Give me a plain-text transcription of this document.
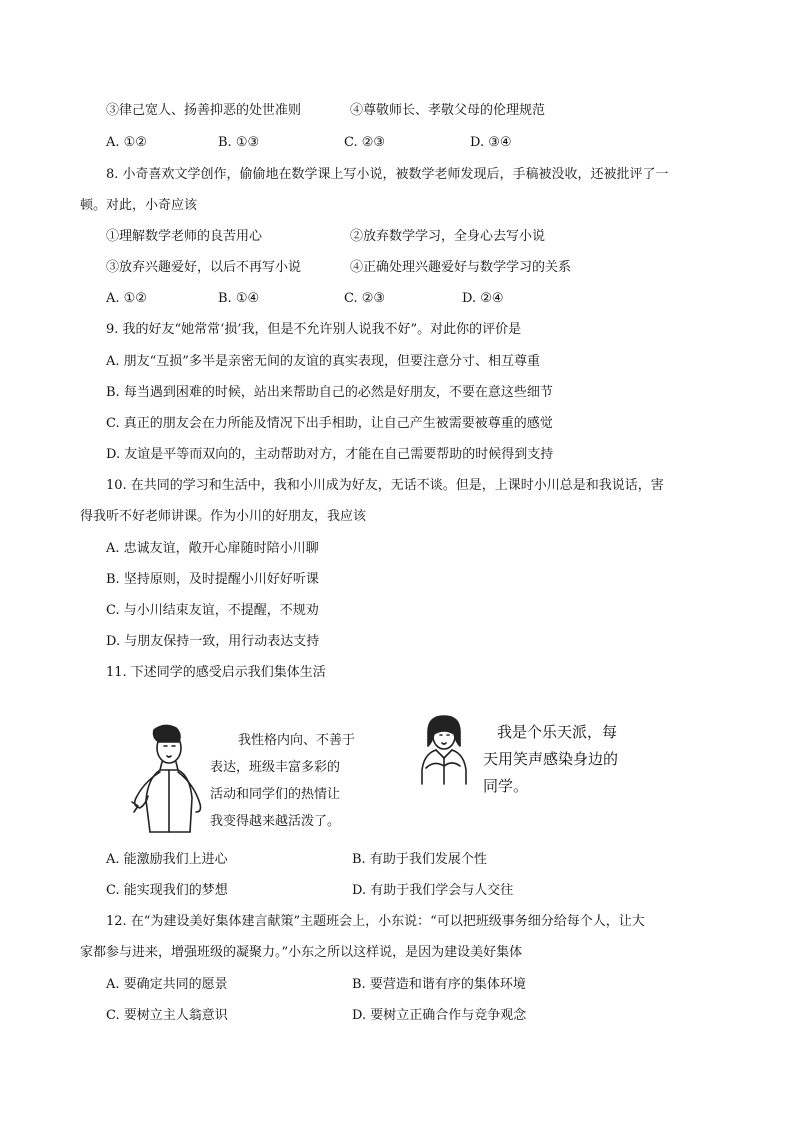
③律己宽人、扬善抑恶的处世准则	④尊敬师长、孝敬父母的伦理规范
A. ①②	B. ①③	C. ②③	D. ③④
8. 小奇喜欢文学创作，偷偷地在数学课上写小说，被数学老师发现后，手稿被没收，还被批评了一
顿。对此，小奇应该
①理解数学老师的良苦用心	②放弃数学学习，全身心去写小说
③放弃兴趣爱好，以后不再写小说	④正确处理兴趣爱好与数学学习的关系
A. ①②	B. ①④	C. ②③	D. ②④
9. 我的好友“她常常‘损’我，但是不允许别人说我不好”。对此你的评价是
A. 朋友“互损”多半是亲密无间的友谊的真实表现，但要注意分寸、相互尊重
B. 每当遇到困难的时候，站出来帮助自己的必然是好朋友，不要在意这些细节
C. 真正的朋友会在力所能及情况下出手相助，让自己产生被需要被尊重的感觉
D. 友谊是平等而双向的，主动帮助对方，才能在自己需要帮助的时候得到支持
10. 在共同的学习和生活中，我和小川成为好友，无话不谈。但是，上课时小川总是和我说话，害
得我听不好老师讲课。作为小川的好朋友，我应该
A. 忠诚友谊，敞开心扉随时陪小川聊
B. 坚持原则，及时提醒小川好好听课
C. 与小川结束友谊，不提醒，不规劝
D. 与朋友保持一致，用行动表达支持
11. 下述同学的感受启示我们集体生活
我性格内向、不善于
表达，班级丰富多彩的
活动和同学们的热情让
我变得越来越活泼了。
我是个乐天派，每
天用笑声感染身边的
同学。
A. 能激励我们上进心	B. 有助于我们发展个性
C. 能实现我们的梦想	D. 有助于我们学会与人交往
12. 在“为建设美好集体建言献策”主题班会上，小东说：“可以把班级事务细分给每个人，让大
家都参与进来，增强班级的凝聚力。”小东之所以这样说，是因为建设美好集体
A. 要确定共同的愿景	B. 要营造和谐有序的集体环境
C. 要树立主人翁意识	D. 要树立正确合作与竞争观念
